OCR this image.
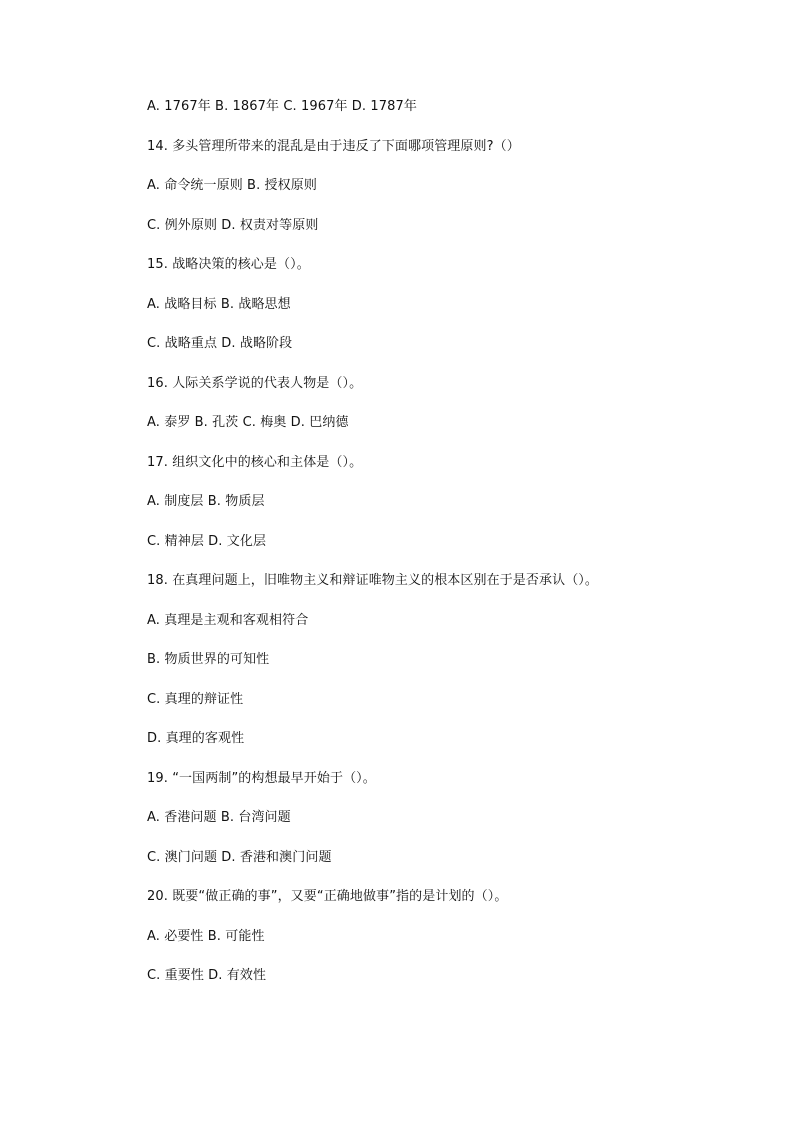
A. 1767年 B. 1867年 C. 1967年 D. 1787年
14. 多头管理所带来的混乱是由于违反了下面哪项管理原则?（）
A. 命令统一原则 B. 授权原则
C. 例外原则 D. 权责对等原则
15. 战略决策的核心是（）。
A. 战略目标 B. 战略思想
C. 战略重点 D. 战略阶段
16. 人际关系学说的代表人物是（）。
A. 泰罗 B. 孔茨 C. 梅奥 D. 巴纳德
17. 组织文化中的核心和主体是（）。
A. 制度层 B. 物质层
C. 精神层 D. 文化层
18. 在真理问题上，旧唯物主义和辩证唯物主义的根本区别在于是否承认（）。
A. 真理是主观和客观相符合
B. 物质世界的可知性
C. 真理的辩证性
D. 真理的客观性
19. “一国两制”的构想最早开始于（）。
A. 香港问题 B. 台湾问题
C. 澳门问题 D. 香港和澳门问题
20. 既要“做正确的事”，又要“正确地做事”指的是计划的（）。
A. 必要性 B. 可能性
C. 重要性 D. 有效性
